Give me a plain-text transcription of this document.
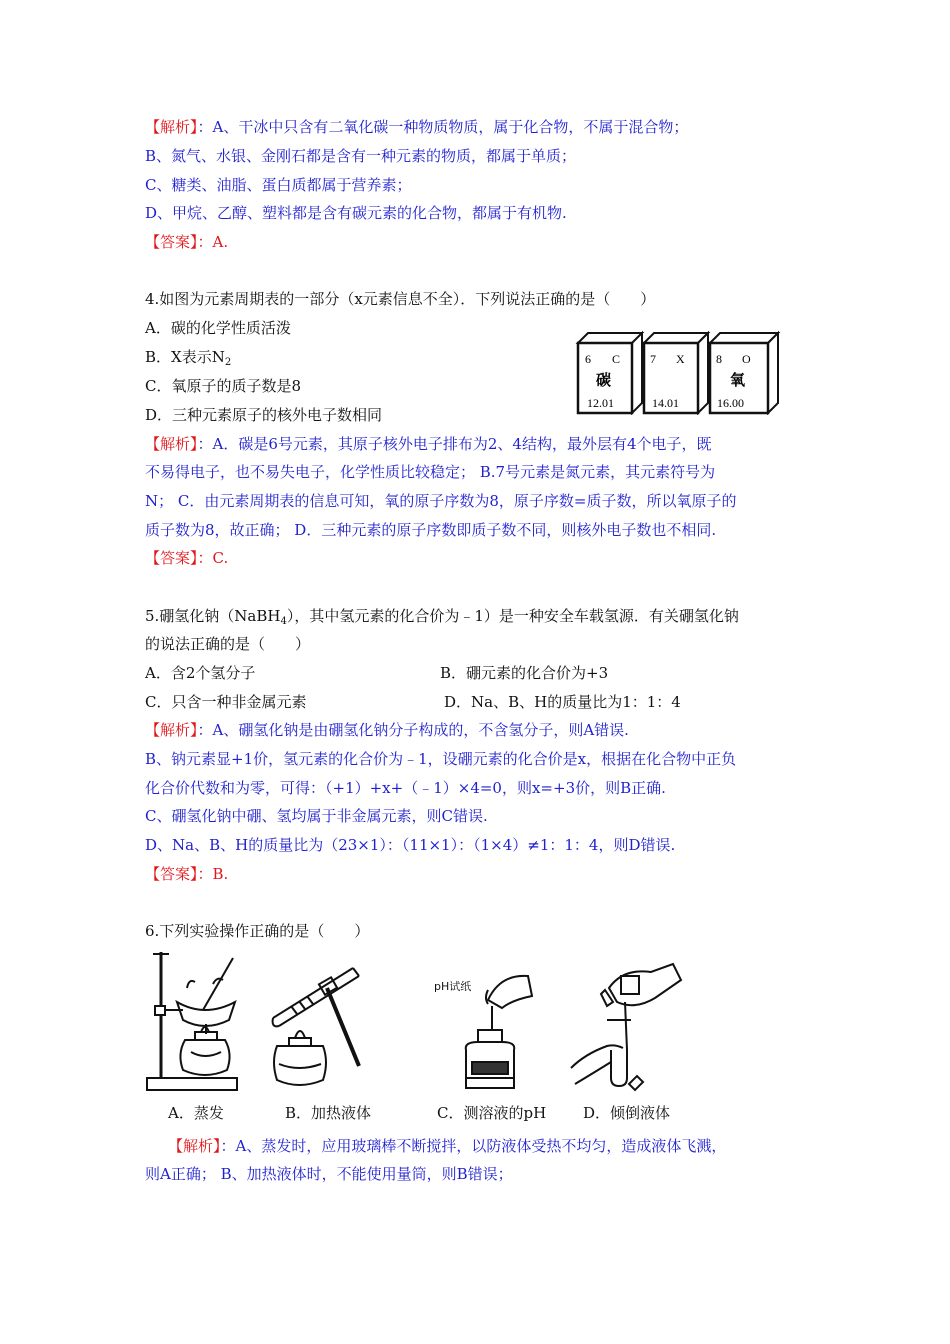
【解析】：A、干冰中只含有二氧化碳一种物质物质，属于化合物，不属于混合物；
B、氮气、水银、金刚石都是含有一种元素的物质，都属于单质；
C、糖类、油脂、蛋白质都属于营养素；
D、甲烷、乙醇、塑料都是含有碳元素的化合物，都属于有机物.
【答案】：A.
4.如图为元素周期表的一部分（x元素信息不全）．下列说法正确的是（　　）
A．碳的化学性质活泼
B．X表示$N_2$
C．氧原子的质子数是8
D．三种元素原子的核外电子数相同
6 C
碳
12.01
7 X
14.01
8 O
氧
16.00
【解析】：A．碳是6号元素，其原子核外电子排布为2、4结构，最外层有4个电子，既
不易得电子，也不易失电子，化学性质比较稳定； B.7号元素是氮元素，其元素符号为
N； C．由元素周期表的信息可知，氧的原子序数为8，原子序数=质子数，所以氧原子的
质子数为8，故正确； D．三种元素的原子序数即质子数不同，则核外电子数也不相同.
【答案】：C.
5.硼氢化钠（NaBH$_4$），其中氢元素的化合价为﹣1）是一种安全车载氢源．有关硼氢化钠
的说法正确的是（　　）
A．含2个氢分子	B．硼元素的化合价为+3
C．只含一种非金属元素	D．Na、B、H的质量比为1：1：4
【解析】：A、硼氢化钠是由硼氢化钠分子构成的，不含氢分子，则A错误.
B、钠元素显+1价，氢元素的化合价为﹣1，设硼元素的化合价是x，根据在化合物中正负
化合价代数和为零，可得：（+1）+x+（﹣1）×4=0，则x=+3价，则B正确.
C、硼氢化钠中硼、氢均属于非金属元素，则C错误.
D、Na、B、H的质量比为（23×1）：（11×1）：（1×4）≠1：1：4，则D错误.
【答案】：B.
6.下列实验操作正确的是（　　）
pH试纸
A．蒸发	B．加热液体	C．测溶液的pH D．倾倒液体
【解析】：A、蒸发时，应用玻璃棒不断搅拌，以防液体受热不均匀，造成液体飞溅，
则A正确； B、加热液体时，不能使用量筒，则B错误；
